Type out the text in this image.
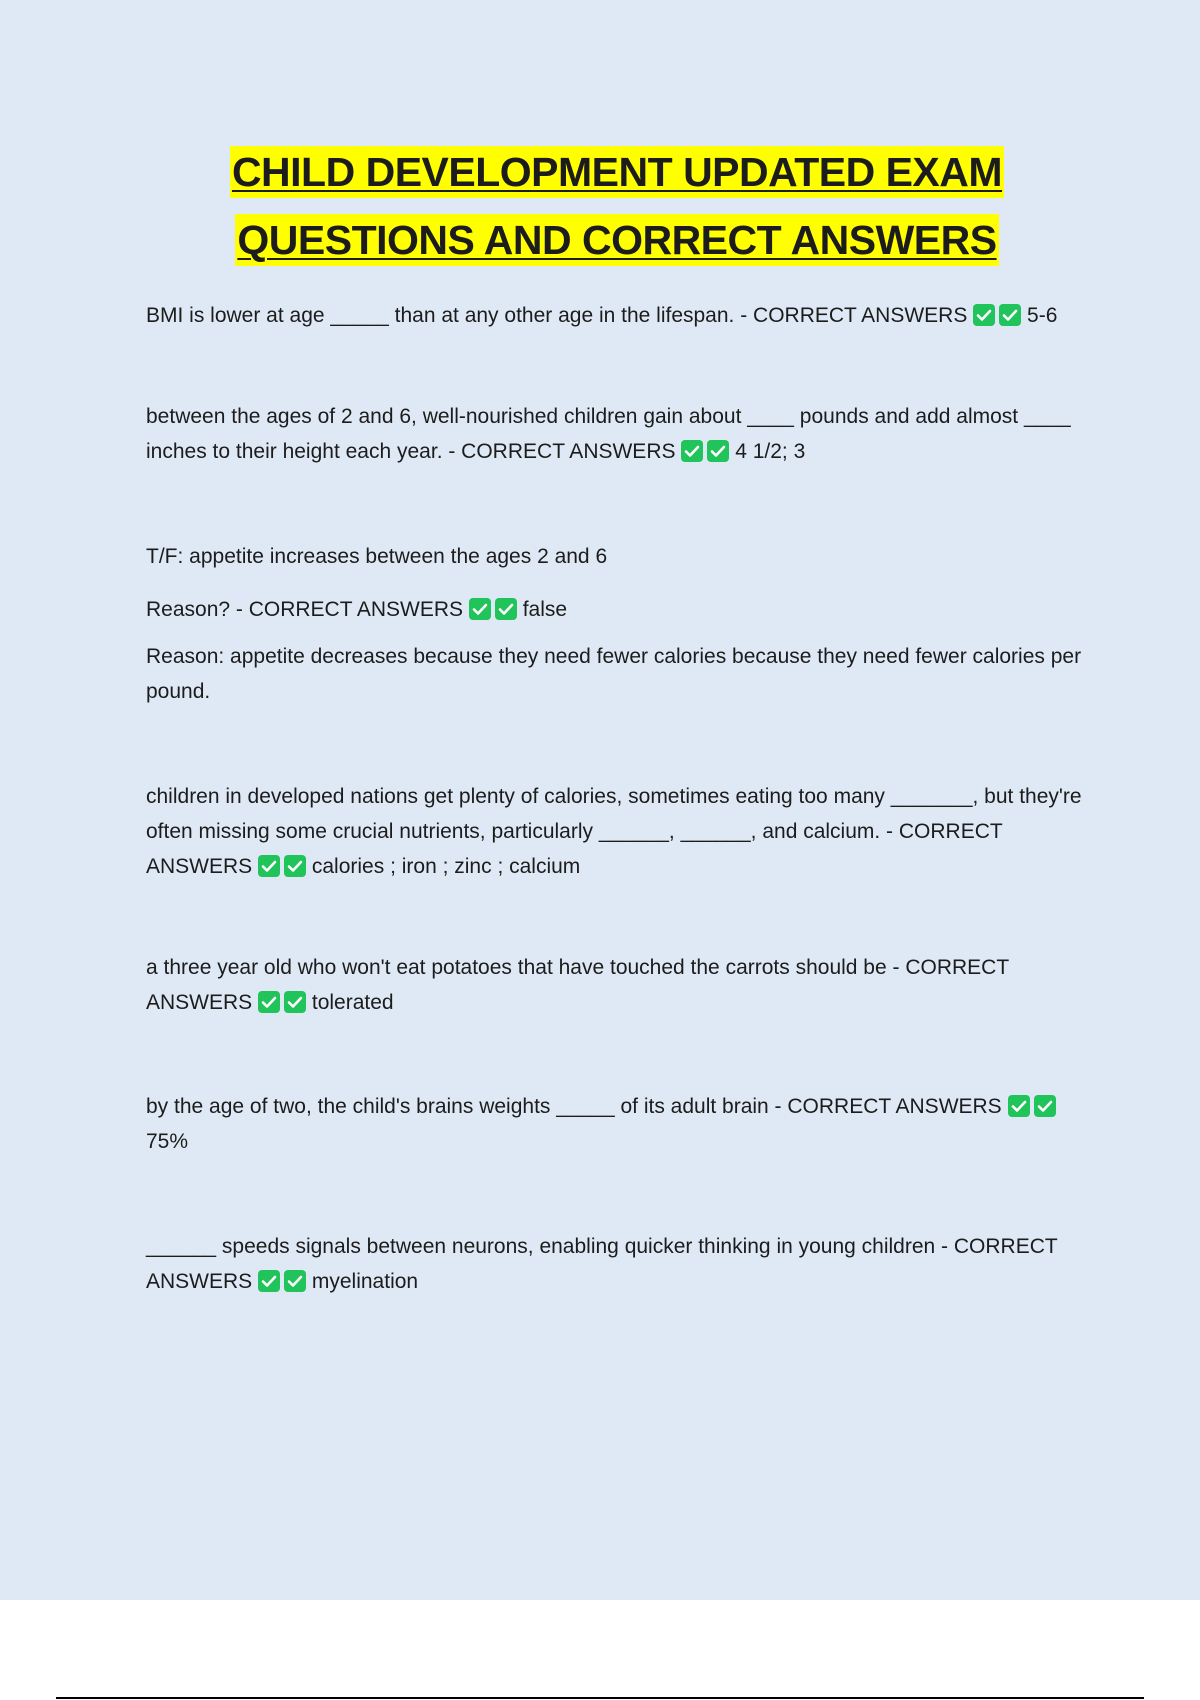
CHILD DEVELOPMENT UPDATED EXAM
QUESTIONS AND CORRECT ANSWERS

BMI is lower at age _____ than at any other age in the lifespan. - CORRECT ANSWERS	5-6

between the ages of 2 and 6, well-nourished children gain about ____ pounds and add almost ____ inches to their height each year. - CORRECT ANSWERS	4 1/2; 3

T/F: appetite increases between the ages 2 and 6

Reason? - CORRECT ANSWERS	false

Reason: appetite decreases because they need fewer calories because they need fewer calories per pound.

children in developed nations get plenty of calories, sometimes eating too many _______, but they're often missing some crucial nutrients, particularly ______, ______, and calcium. - CORRECT ANSWERS	calories ; iron ; zinc ; calcium

a three year old who won't eat potatoes that have touched the carrots should be - CORRECT ANSWERS	tolerated

by the age of two, the child's brains weights _____ of its adult brain - CORRECT ANSWERS  75%

______ speeds signals between neurons, enabling quicker thinking in young children - CORRECT ANSWERS	myelination
